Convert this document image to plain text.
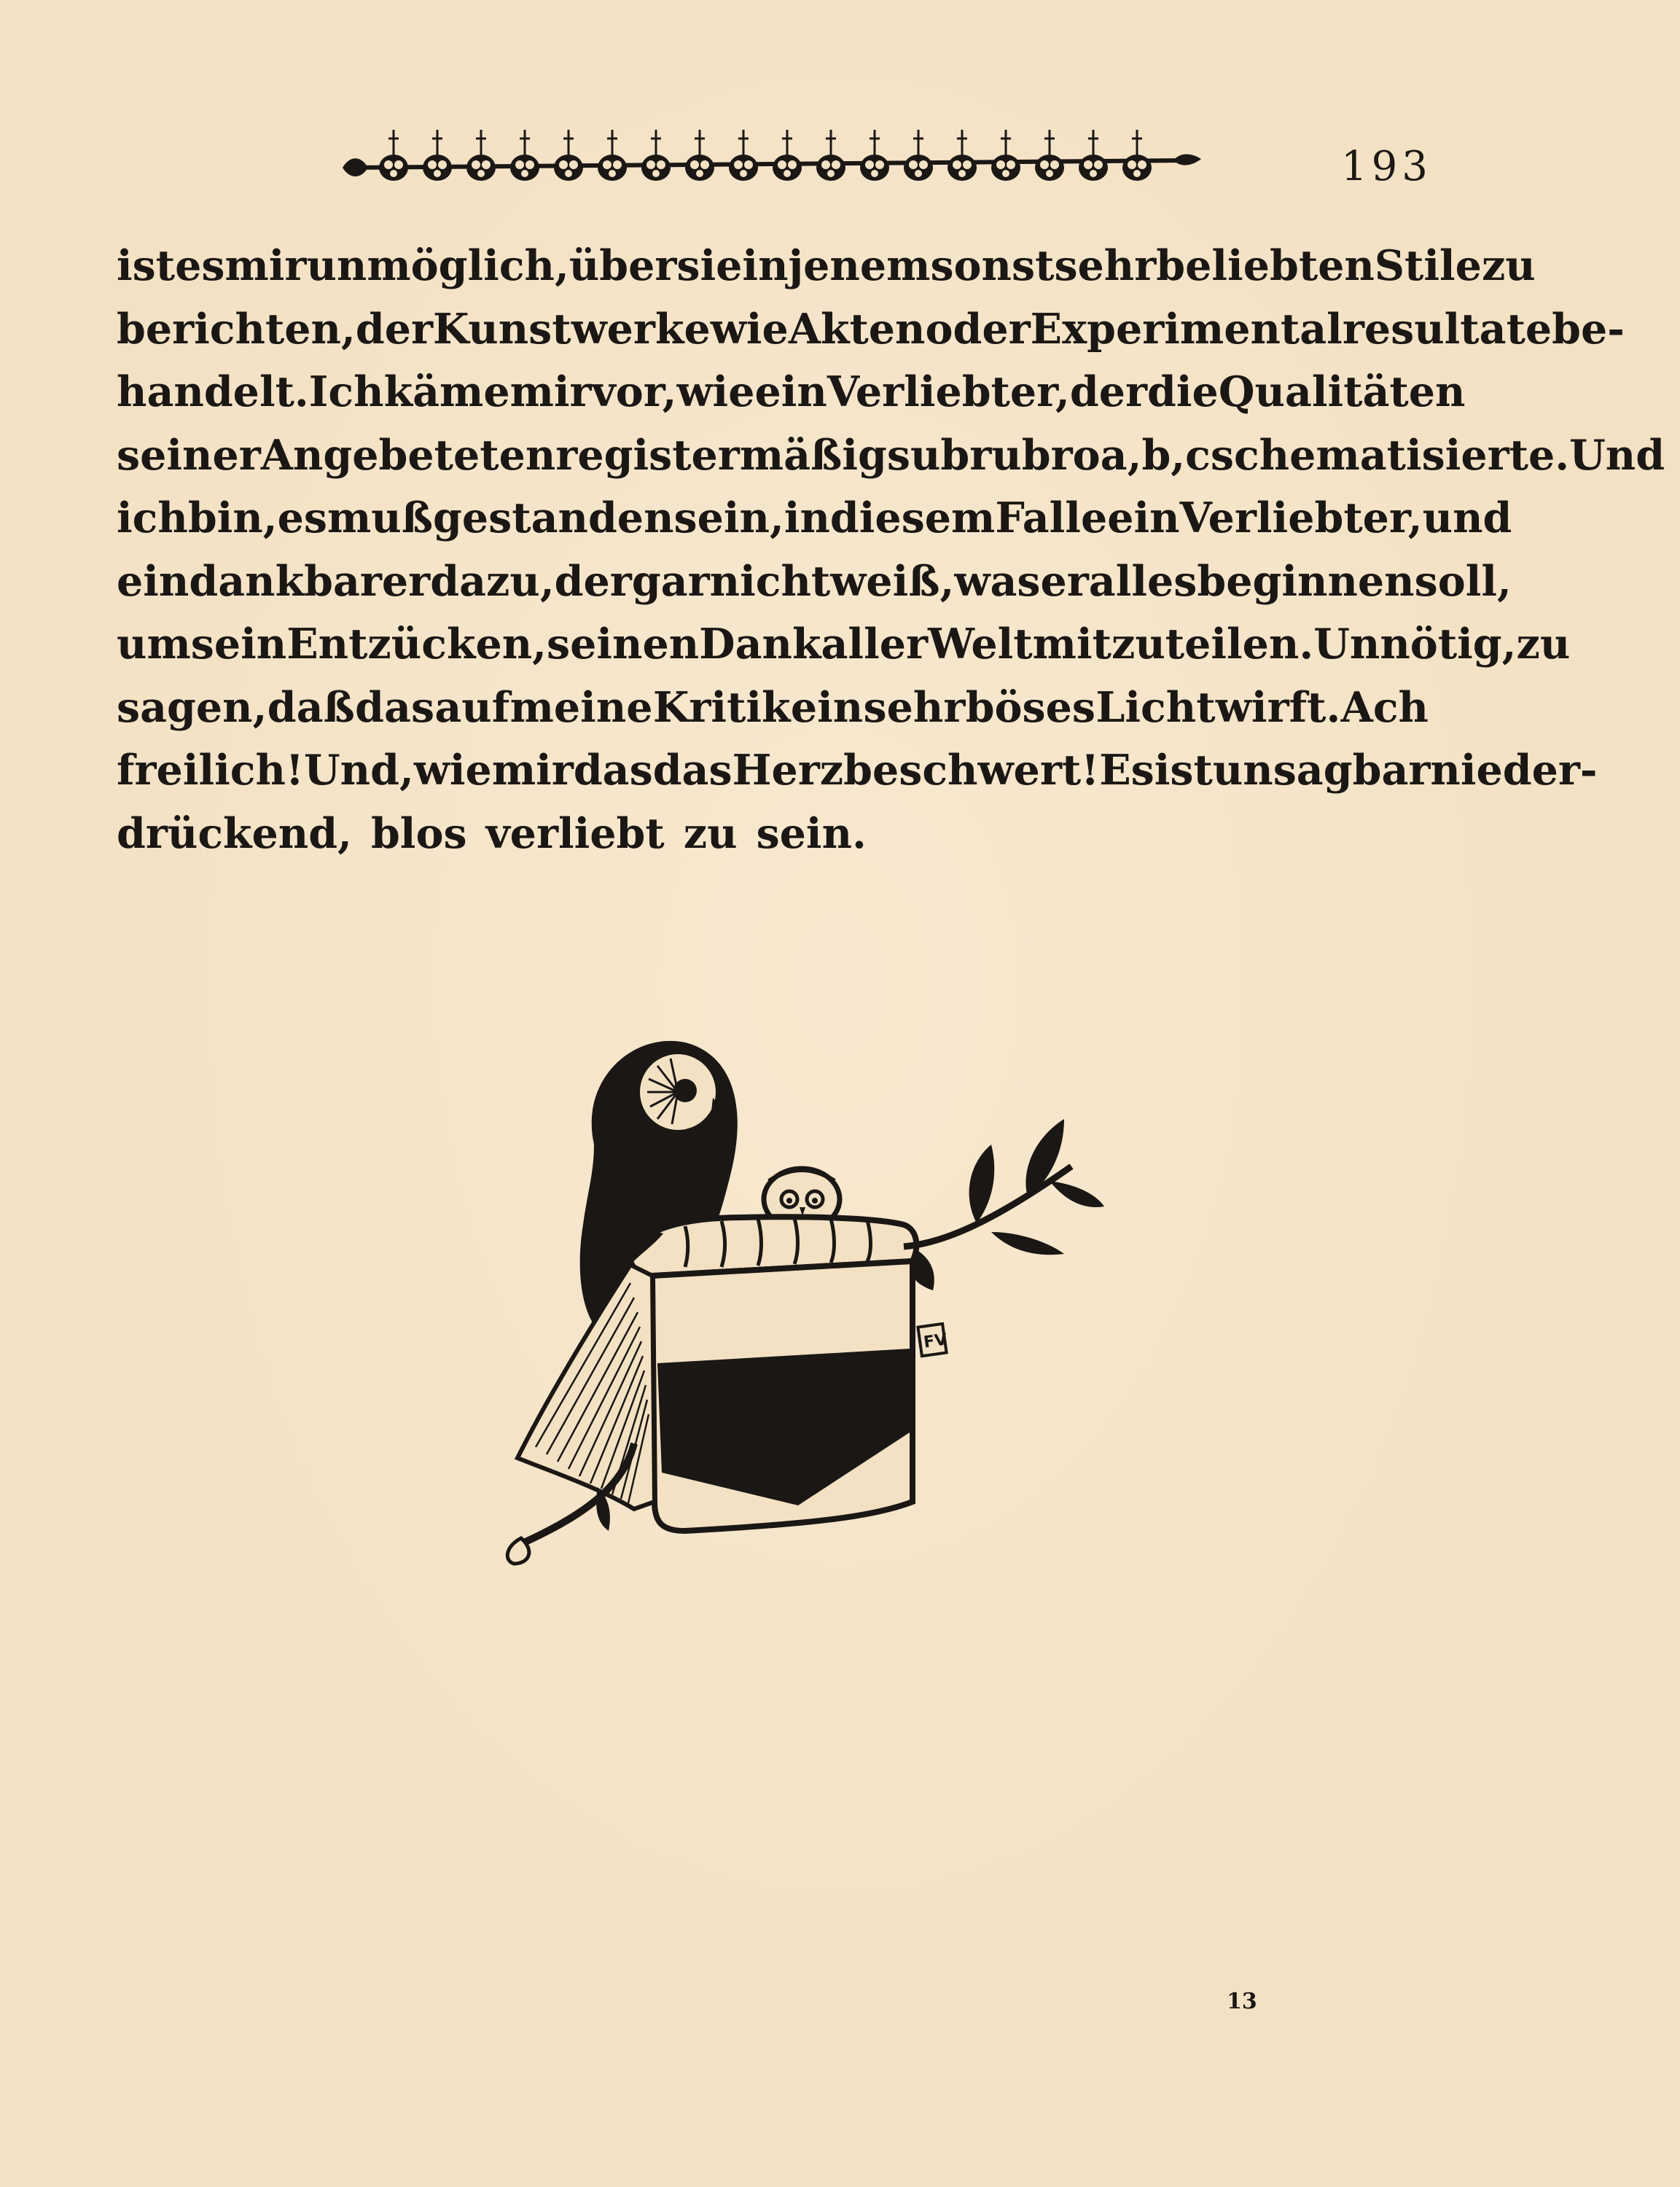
193
ist es mir unmöglich, über sie in jenem sonst sehr beliebten Stile zu
berichten, der Kunstwerke wie Akten oder Experimentalresultate be-
handelt. Ich käme mir vor, wie ein Verliebter, der die Qualitäten
seiner Angebeteten registermäßig sub rubro a, b, c schematisierte. Und
ich bin, es muß gestanden sein, in diesem Falle ein Verliebter, und
ein dankbarer dazu, der gar nicht weiß, was er alles beginnen soll,
um sein Entzücken, seinen Dank aller Welt mitzuteilen. Unnötig, zu
sagen, daß das auf meine Kritik ein sehr böses Licht wirft. Ach
freilich! Und, wie mir das das Herz beschwert! Es ist unsagbar nieder-
drückend, blos verliebt zu sein.
FV
13
